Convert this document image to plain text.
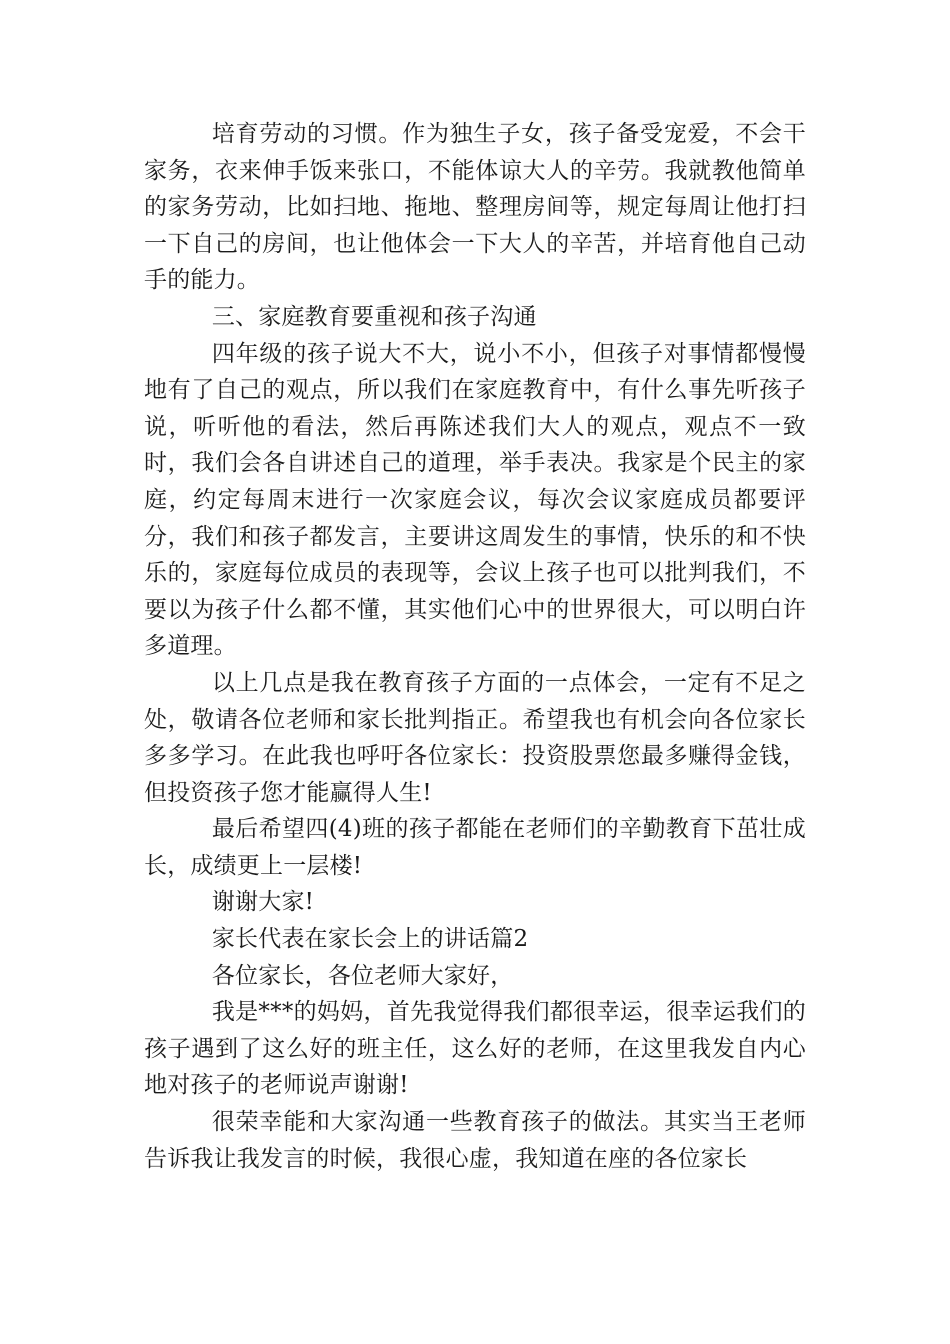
培育劳动的习惯。作为独生子女，孩子备受宠爱，不会干家务，衣来伸手饭来张口，不能体谅大人的辛劳。我就教他简单的家务劳动，比如扫地、拖地、整理房间等，规定每周让他打扫一下自己的房间，也让他体会一下大人的辛苦，并培育他自己动手的能力。

三、家庭教育要重视和孩子沟通

四年级的孩子说大不大，说小不小，但孩子对事情都慢慢地有了自己的观点，所以我们在家庭教育中，有什么事先听孩子说，听听他的看法，然后再陈述我们大人的观点，观点不一致时，我们会各自讲述自己的道理，举手表决。我家是个民主的家庭，约定每周末进行一次家庭会议，每次会议家庭成员都要评分，我们和孩子都发言，主要讲这周发生的事情，快乐的和不快乐的，家庭每位成员的表现等，会议上孩子也可以批判我们，不要以为孩子什么都不懂，其实他们心中的世界很大，可以明白许多道理。

以上几点是我在教育孩子方面的一点体会，一定有不足之处，敬请各位老师和家长批判指正。希望我也有机会向各位家长多多学习。在此我也呼吁各位家长：投资股票您最多赚得金钱，但投资孩子您才能赢得人生!

最后希望四(4)班的孩子都能在老师们的辛勤教育下茁壮成长，成绩更上一层楼!

谢谢大家!

家长代表在家长会上的讲话篇2

各位家长，各位老师大家好，

我是***的妈妈，首先我觉得我们都很幸运，很幸运我们的孩子遇到了这么好的班主任，这么好的老师，在这里我发自内心地对孩子的老师说声谢谢!

很荣幸能和大家沟通一些教育孩子的做法。其实当王老师告诉我让我发言的时候，我很心虚，我知道在座的各位家长
